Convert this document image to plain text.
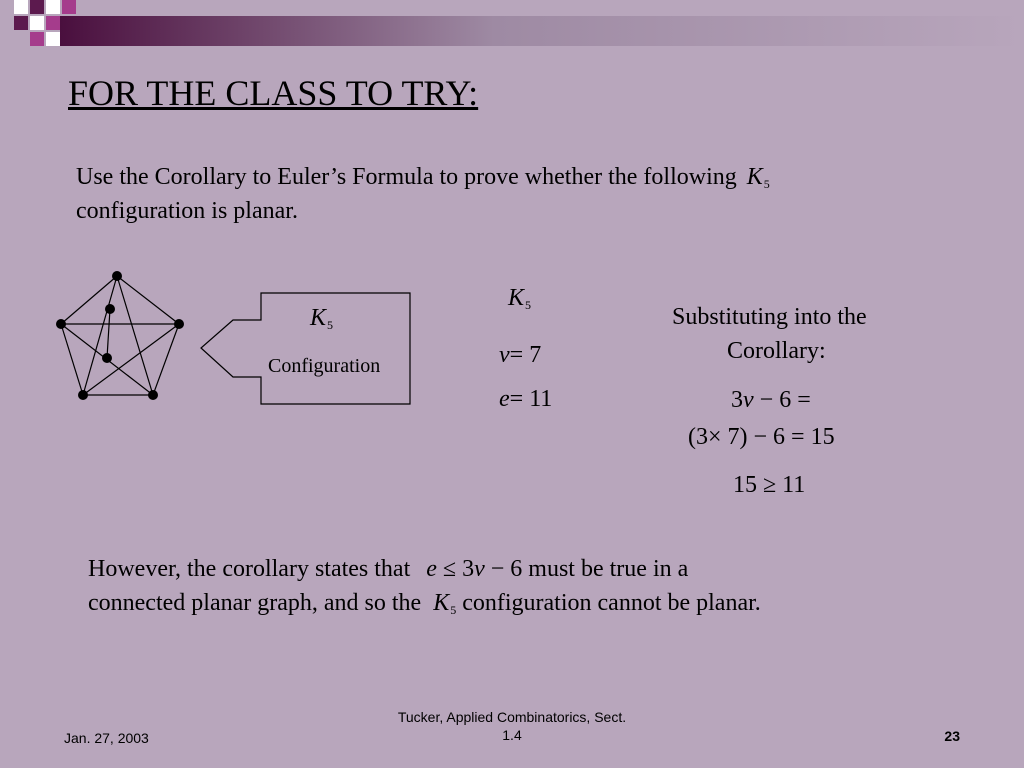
FOR THE CLASS TO TRY:
Use the Corollary to Euler’s Formula to prove whether the following K5
configuration is planar.
K5
Configuration
K5
v= 7
e= 11
Substituting into the
Corollary:
3v − 6 =
(3× 7) − 6 = 15
15 ≥ 11
However, the corollary states that e ≤ 3v − 6 must be true in a
connected planar graph, and so the K5 configuration cannot be planar.
Jan. 27, 2003
Tucker, Applied Combinatorics, Sect.
1.4	23
